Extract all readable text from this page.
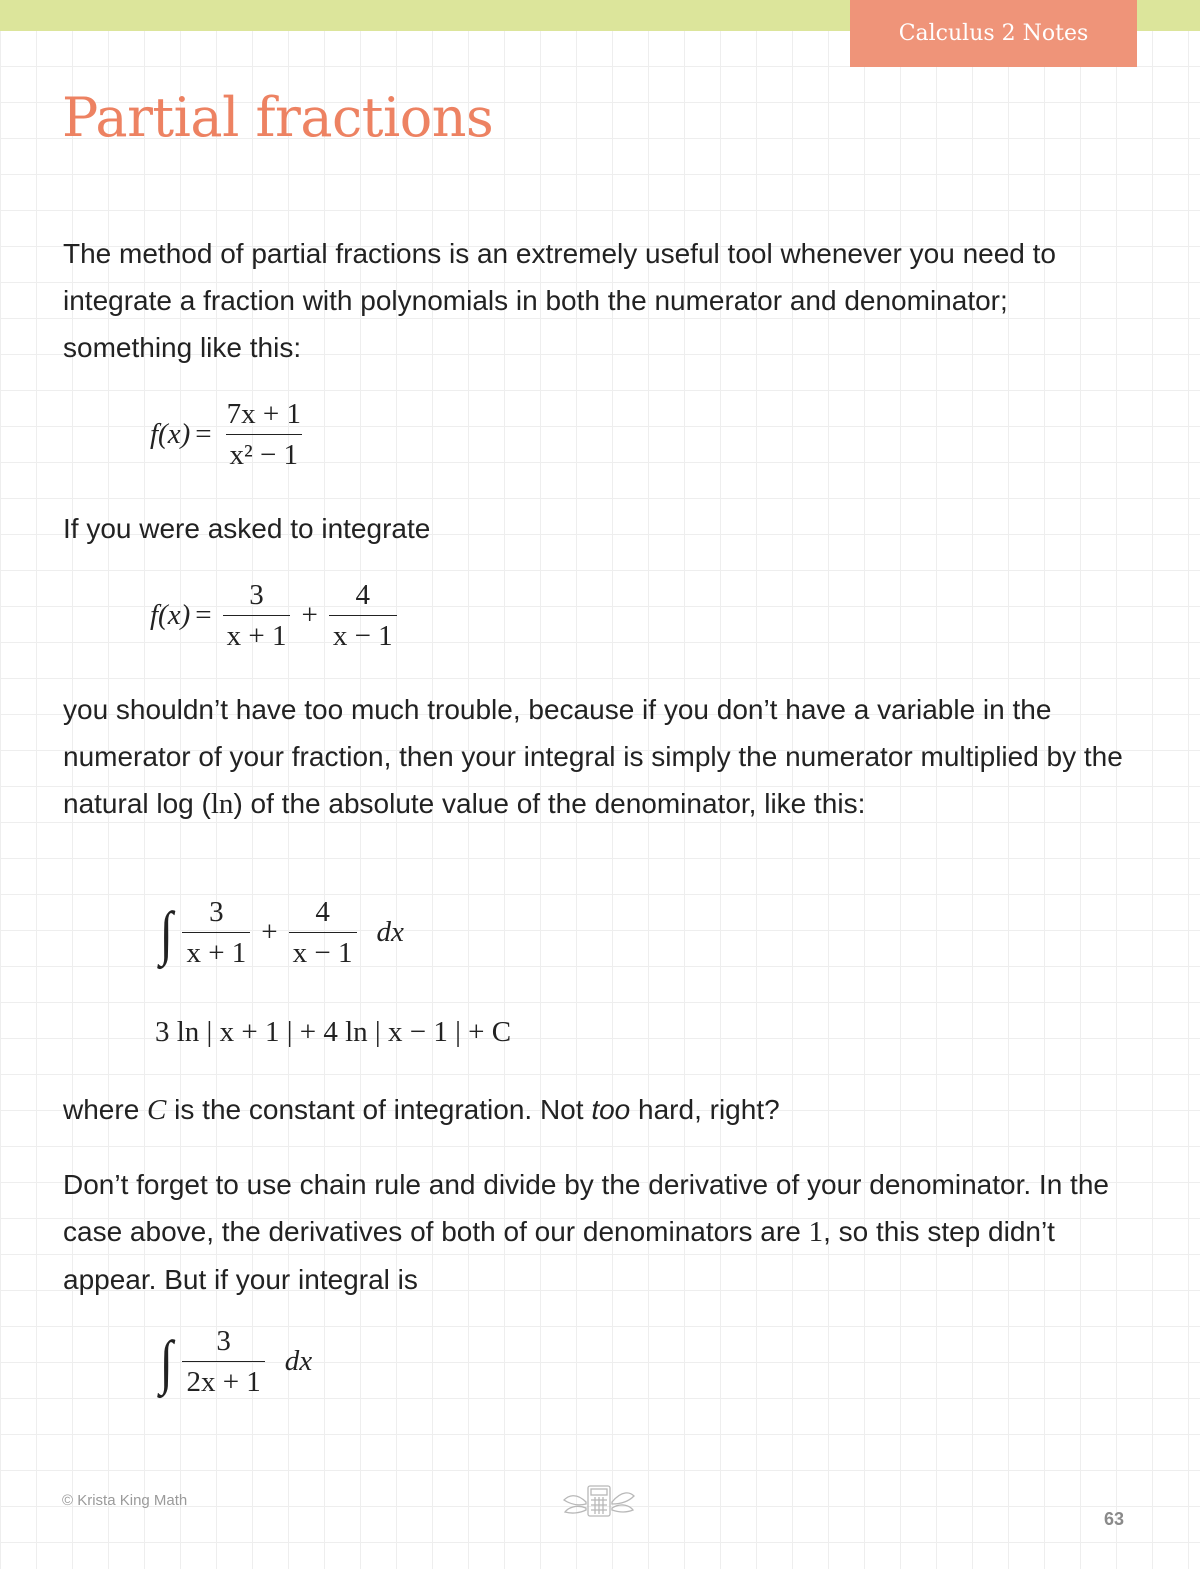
Calculus 2 Notes
Partial fractions

The method of partial fractions is an extremely useful tool whenever you need to integrate a fraction with polynomials in both the numerator and denominator; something like this:

$f(x) = \frac{7x + 1}{\text{x² − 1}}$

If you were asked to integrate

$f(x) = \frac{3}{x + 1} + \frac{4}{x - 1}$

you shouldn’t have too much trouble, because if you don’t have a variable in the numerator of your fraction, then your integral is simply the numerator multiplied by the natural log (ln) of the absolute value of the denominator, like this:

∫ $\frac{3}{x + 1} + \frac{4}{x - 1}$ dx
3 ln | x + 1 | + 4 ln | x − 1 | + C

where C is the constant of integration. Not too hard, right?

Don’t forget to use chain rule and divide by the derivative of your denominator. In the case above, the derivatives of both of our denominators are 1, so this step didn’t appear. But if your integral is

∫ $\frac{3}{2x + 1}$ dx
© Krista King Math
63
